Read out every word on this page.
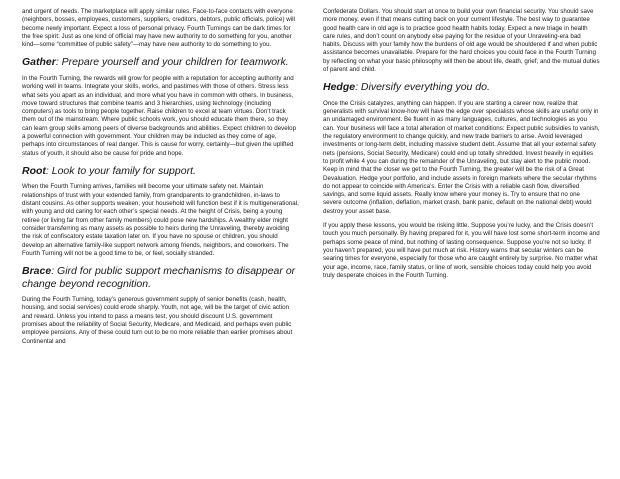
and urgent of needs. The marketplace will apply similar rules. Face-to-face contacts with everyone (neighbors, bosses, employees, customers, suppliers, creditors, debtors, public officials, police) will become newly important. Expect a loss of personal privacy. Fourth Turnings can be dark times for the free spirit: Just as one kind of official may have new authority to do something for you, another kind—some “committee of public safety”—may have new authority to do something to you.

Gather: Prepare yourself and your children for teamwork.

In the Fourth Turning, the rewards will grow for people with a reputation for accepting authority and working well in teams. Integrate your skills, works, and pastimes with those of others. Stress less what sets you apart as an individual, and more what you have in common with others. In business, move toward structures that combine teams and 3 hierarchies, using technology (including computers) as tools to bring people together. Raise children to excel at team virtues. Don’t track them out of the mainstream. Where public schools work, you should educate them there, so they can learn group skills among peers of diverse backgrounds and abilities. Expect children to develop a powerful connection with government. Your children may be inducted as they come of age, perhaps into circumstances of real danger. This is cause for worry, certainly—but given the uplifted status of youth, it should also be cause for pride and hope.

Root: Look to your family for support.

When the Fourth Turning arrives, families will become your ultimate safety net. Maintain relationships of trust with your extended family, from grandparents to grandchildren, in-laws to distant cousins. As other supports weaken, your household will function best if it is multigenerational, with young and old caring for each other’s special needs. At the height of Crisis, being a young retiree (or living far from other family members) could pose new hardships. A wealthy elder might consider transferring as many assets as possible to heirs during the Unraveling, thereby avoiding the risk of confiscatory estate taxation later on. If you have no spouse or children, you should develop an alternative family-like support network among friends, neighbors, and coworkers. The Fourth Turning will not be a good time to be, or feel, socially stranded.

Brace: Gird for public support mechanisms to disappear or change beyond recognition.

During the Fourth Turning, today’s generous government supply of senior benefits (cash, health, housing, and social services) could erode sharply. Youth, not age, will be the target of civic action and reward. Unless you intend to pass a means test, you should discount U.S. government promises about the reliability of Social Security, Medicare, and Medicaid, and perhaps even public employee pensions. Any of these could turn out to be no more reliable than earlier promises about Continental and

Confederate Dollars. You should start at once to build your own financial security. You should save more money, even if that means cutting back on your current lifestyle. The best way to guarantee good health care in old age is to practice good health habits today. Expect a new triage in health care rules, and don’t count on anybody else paying for the residue of your Unraveling-era bad habits. Discuss with your family how the burdens of old age would be shouldered if and when public assistance becomes unavailable. Prepare for the hard choices you could face in the Fourth Turning by reflecting on what your basic philosophy will then be about life, death, grief, and the mutual duties of parent and child.

Hedge: Diversify everything you do.

Once the Crisis catalyzes, anything can happen. If you are starting a career now, realize that generalists with survival know-how will have the edge over specialists whose skills are useful only in an undamaged environment. Be fluent in as many languages, cultures, and technologies as you can. Your business will face a total alteration of market conditions: Expect public subsidies to vanish, the regulatory environment to change quickly, and new trade barriers to arise. Avoid leveraged investments or long-term debt, including massive student debt. Assume that all your external safety nets (pensions, Social Security, Medicare) could end up totally shredded. Invest heavily in equities to profit while 4 you can during the remainder of the Unraveling, but stay alert to the public mood. Keep in mind that the closer we get to the Fourth Turning, the greater will be the risk of a Great Devaluation. Hedge your portfolio, and include assets in foreign markets where the secular rhythms do not appear to coincide with America’s. Enter the Crisis with a reliable cash flow, diversified savings, and some liquid assets. Really know where your money is. Try to ensure that no one severe outcome (inflation, deflation, market crash, bank panic, default on the national debt) would destroy your asset base.

If you apply these lessons, you would be risking little. Suppose you’re lucky, and the Crisis doesn’t touch you much personally. By having prepared for it, you will have lost some short-term income and perhaps some peace of mind, but nothing of lasting consequence. Suppose you’re not so lucky. If you haven’t prepared, you will have put much at risk. History warns that secular winters can be searing times for everyone, especially for those who are caught entirely by surprise. No matter what your age, income, race, family status, or line of work, sensible choices today could help you avoid truly desperate choices in the Fourth Turning.
